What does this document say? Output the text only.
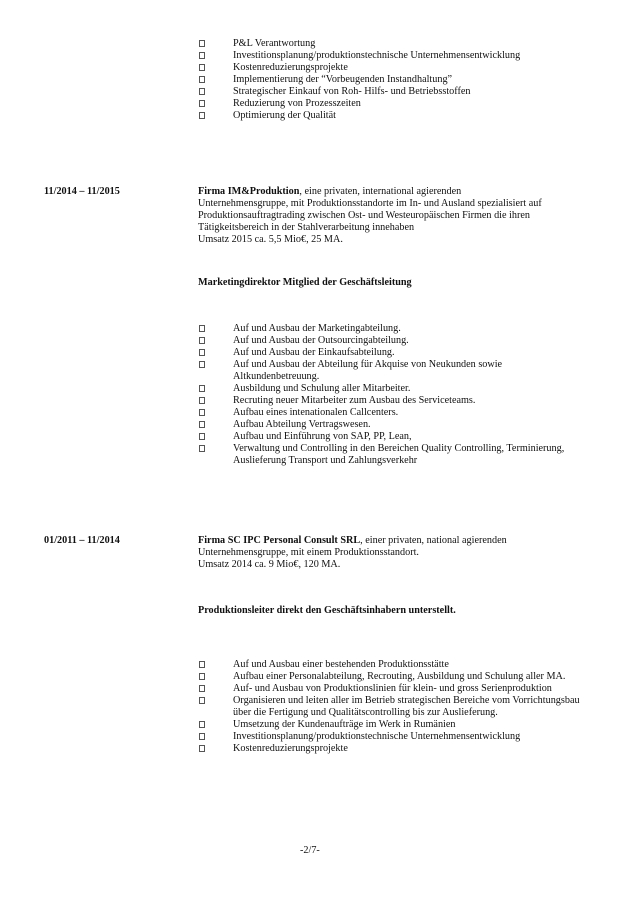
P&L Verantwortung
Investitionsplanung/produktionstechnische Unternehmensentwicklung
Kostenreduzierungsprojekte
Implementierung der “Vorbeugenden Instandhaltung”
Strategischer Einkauf von Roh- Hilfs- und Betriebsstoffen
Reduzierung von Prozesszeiten
Optimierung der Qualität
11/2014 – 11/2015	Firma IM&Produktion, eine privaten, international agierenden
Unternehmensgruppe, mit Produktionsstandorte im In- und Ausland spezialisiert auf
Produktionsauftragtrading zwischen Ost- und Westeuropäischen Firmen die ihren
Tätigkeitsbereich in der Stahlverarbeitung innehaben
Umsatz 2015 ca. 5,5 Mio€, 25 MA.
Marketingdirektor Mitglied der Geschäftsleitung
Auf und Ausbau der Marketingabteilung.
Auf und Ausbau der Outsourcingabteilung.
Auf und Ausbau der Einkaufsabteilung.
Auf und Ausbau der Abteilung für Akquise von Neukunden sowie Altkundenbetreuung.
Ausbildung und Schulung aller Mitarbeiter.
Recruting neuer Mitarbeiter zum Ausbau des Serviceteams.
Aufbau eines intenationalen Callcenters.
Aufbau Abteilung Vertragswesen.
Aufbau und Einführung von SAP, PP, Lean,
Verwaltung und Controlling in den Bereichen Quality Controlling, Terminierung, Auslieferung Transport und Zahlungsverkehr
01/2011 – 11/2014	Firma SC IPC Personal Consult SRL, einer privaten, national agierenden
Unternehmensgruppe, mit einem Produktionsstandort.
Umsatz 2014 ca. 9 Mio€, 120 MA.
Produktionsleiter direkt den Geschäftsinhabern unterstellt.
Auf und Ausbau einer bestehenden Produktionsstätte
Aufbau einer Personalabteilung, Recrouting, Ausbildung und Schulung aller MA.
Auf- und Ausbau von Produktionslinien für klein- und gross Serienproduktion
Organisieren und leiten aller im Betrieb strategischen Bereiche vom Vorrichtungsbau über die Fertigung und Qualitätscontrolling bis zur Auslieferung.
Umsetzung der Kundenaufträge im Werk in Rumänien
Investitionsplanung/produktionstechnische Unternehmensentwicklung
Kostenreduzierungsprojekte
-2/7-
